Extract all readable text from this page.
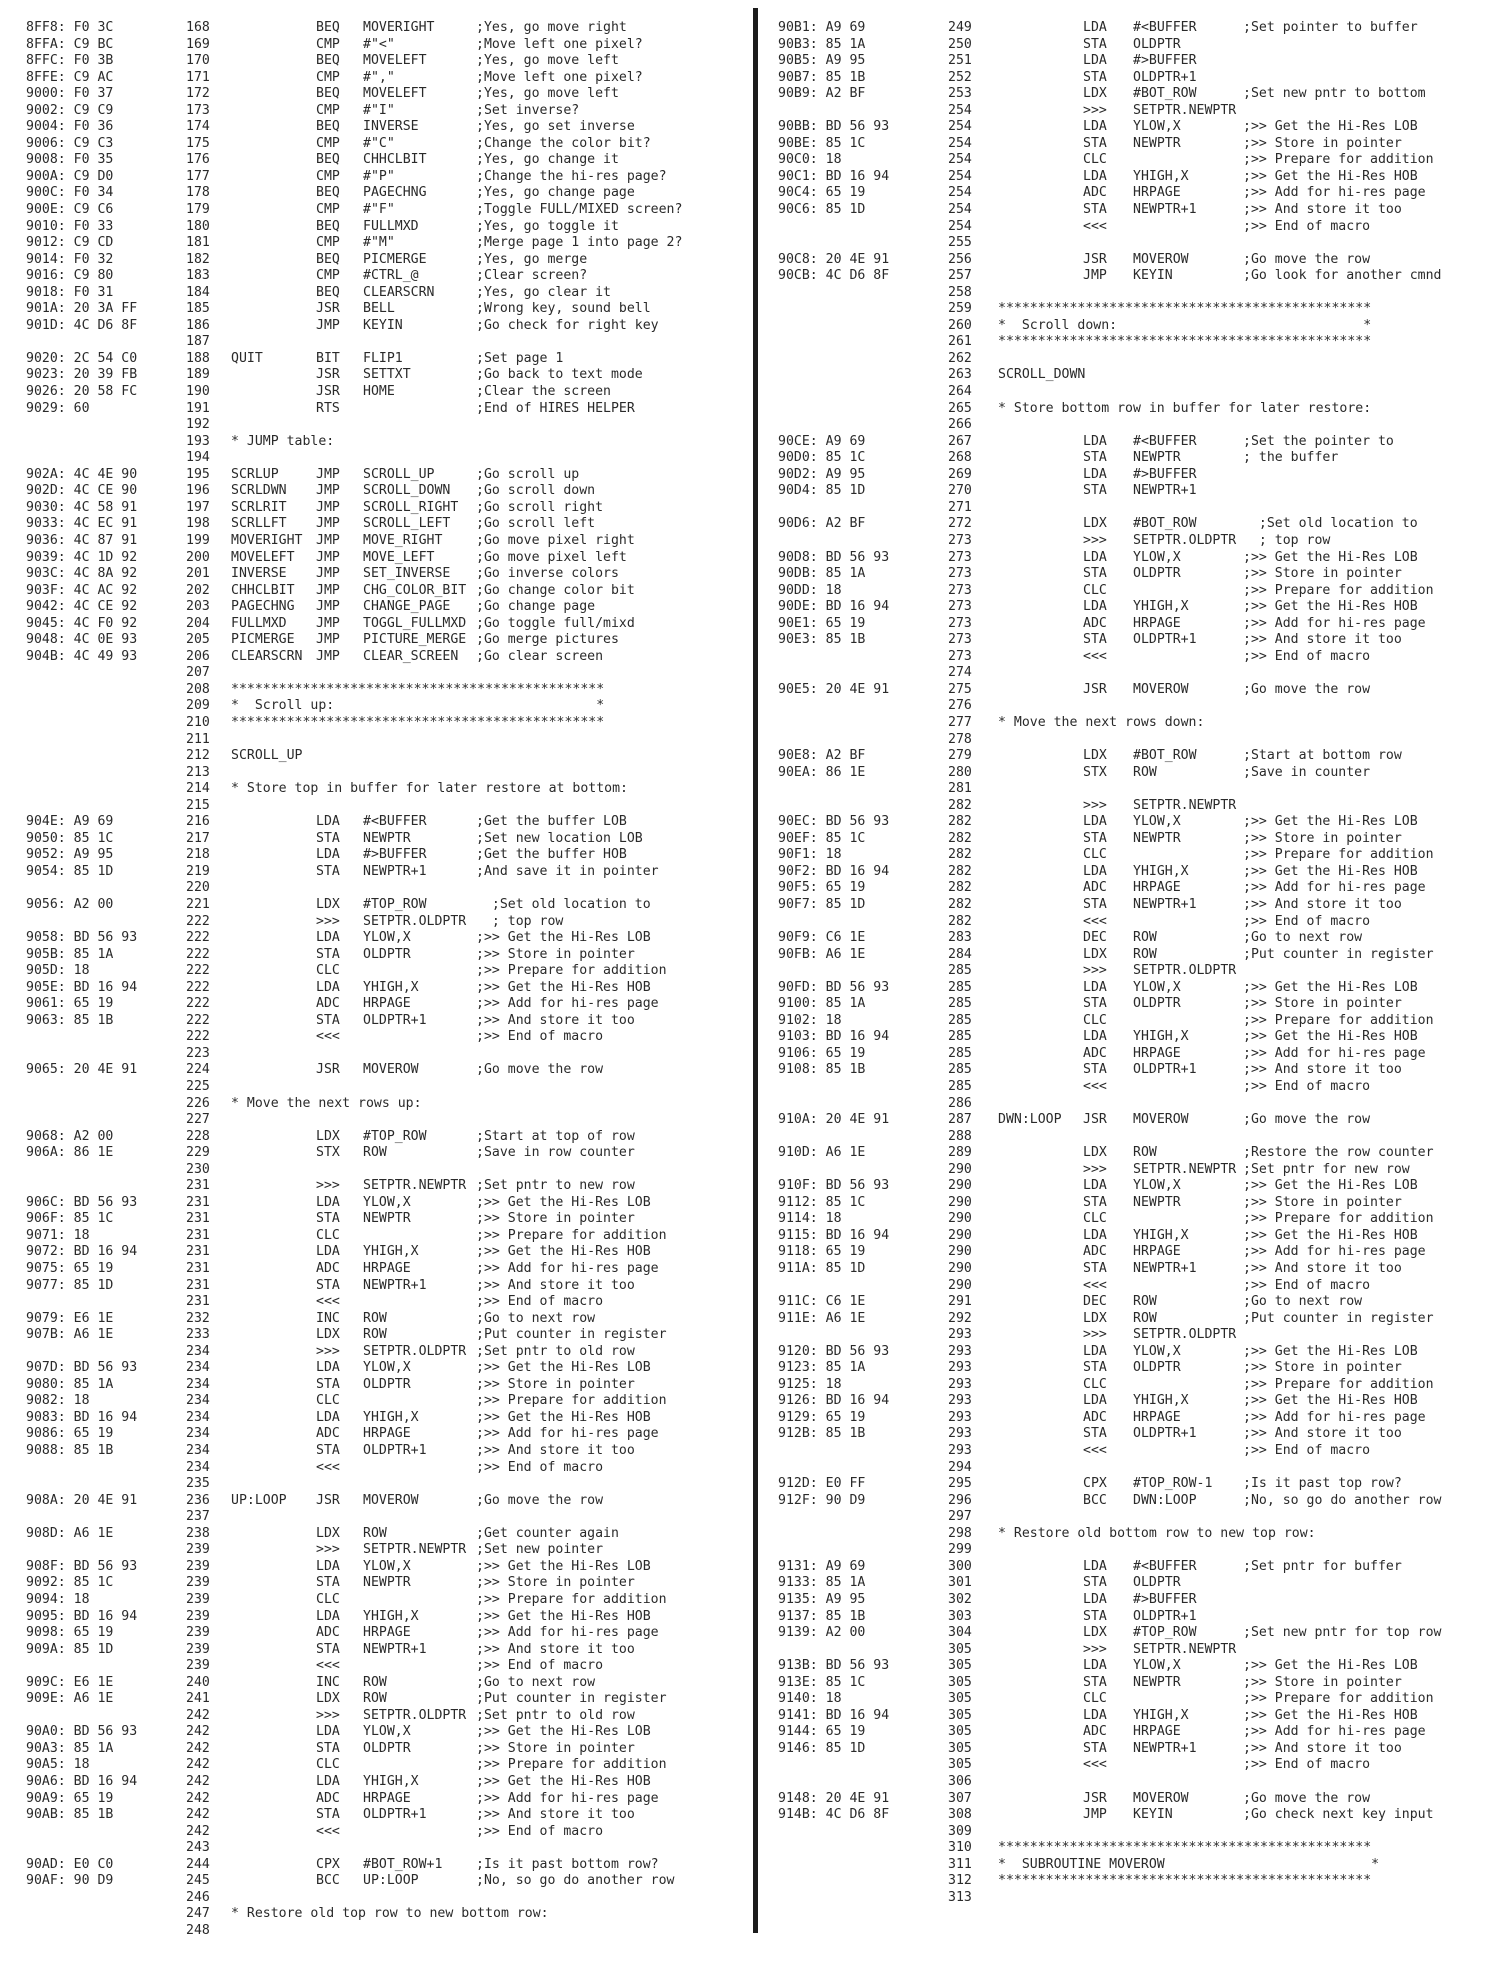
8FF8: F0 3C	168	BEQ MOVERIGHT	;Yes, go move right
8FFA: C9 BC	169	CMP #"<"	;Move left one pixel?
8FFC: F0 3B	170	BEQ MOVELEFT	;Yes, go move left
8FFE: C9 AC	171	CMP #","	;Move left one pixel?
9000: F0 37	172	BEQ MOVELEFT	;Yes, go move left
9002: C9 C9	173	CMP #"I"	;Set inverse?
9004: F0 36	174	BEQ INVERSE	;Yes, go set inverse
9006: C9 C3	175	CMP #"C"	;Change the color bit?
9008: F0 35	176	BEQ CHHCLBIT	;Yes, go change it
900A: C9 D0	177	CMP #"P"	;Change the hi-res page?
900C: F0 34	178	BEQ PAGECHNG	;Yes, go change page
900E: C9 C6	179	CMP #"F"	;Toggle FULL/MIXED screen?
9010: F0 33	180	BEQ FULLMXD	;Yes, go toggle it
9012: C9 CD	181	CMP #"M"	;Merge page 1 into page 2?
9014: F0 32	182	BEQ PICMERGE	;Yes, go merge
9016: C9 80	183	CMP #CTRL_@	;Clear screen?
9018: F0 31	184	BEQ CLEARSCRN	;Yes, go clear it
901A: 20 3A FF	185	JSR BELL	;Wrong key, sound bell
901D: 4C D6 8F	186	JMP KEYIN	;Go check for right key
187
9020: 2C 54 C0	188 QUIT	BIT FLIP1	;Set page 1
9023: 20 39 FB	189	JSR SETTXT	;Go back to text mode
9026: 20 58 FC	190	JSR HOME	;Clear the screen
9029: 60	191	RTS	;End of HIRES HELPER
192
193 * JUMP table:
194
902A: 4C 4E 90	195 SCRLUP	JMP SCROLL_UP	;Go scroll up
902D: 4C CE 90	196 SCRLDWN JMP SCROLL_DOWN ;Go scroll down
9030: 4C 58 91	197 SCRLRIT JMP SCROLL_RIGHT ;Go scroll right
9033: 4C EC 91	198 SCRLLFT JMP SCROLL_LEFT ;Go scroll left
9036: 4C 87 91	199 MOVERIGHT JMP MOVE_RIGHT	;Go move pixel right
9039: 4C 1D 92	200 MOVELEFT JMP MOVE_LEFT	;Go move pixel left
903C: 4C 8A 92	201 INVERSE JMP SET_INVERSE ;Go inverse colors
903F: 4C AC 92	202 CHHCLBIT JMP CHG_COLOR_BIT ;Go change color bit
9042: 4C CE 92	203 PAGECHNG JMP CHANGE_PAGE ;Go change page
9045: 4C F0 92	204 FULLMXD JMP TOGGL_FULLMXD ;Go toggle full/mixd
9048: 4C 0E 93	205 PICMERGE JMP PICTURE_MERGE ;Go merge pictures
904B: 4C 49 93	206 CLEARSCRN JMP CLEAR_SCREEN ;Go clear screen
207
208 ***********************************************
209 *  Scroll up:                                 *
210 ***********************************************
211
212 SCROLL_UP
213
214 * Store top in buffer for later restore at bottom:
215
904E: A9 69	216	LDA #<BUFFER	;Get the buffer LOB
9050: 85 1C	217	STA NEWPTR	;Set new location LOB
9052: A9 95	218	LDA #>BUFFER	;Get the buffer HOB
9054: 85 1D	219	STA NEWPTR+1	;And save it in pointer
220
9056: A2 00	221	LDX #TOP_ROW	;Set old location to
222	>>> SETPTR.OLDPTR ; top row
9058: BD 56 93	222	LDA YLOW,X	;>> Get the Hi-Res LOB
905B: 85 1A	222	STA OLDPTR	;>> Store in pointer
905D: 18	222	CLC	;>> Prepare for addition
905E: BD 16 94	222	LDA YHIGH,X	;>> Get the Hi-Res HOB
9061: 65 19	222	ADC HRPAGE	;>> Add for hi-res page
9063: 85 1B	222	STA OLDPTR+1	;>> And store it too
222	<<<	;>> End of macro
223
9065: 20 4E 91	224	JSR MOVEROW	;Go move the row
225
226 * Move the next rows up:
227
9068: A2 00	228	LDX #TOP_ROW	;Start at top of row
906A: 86 1E	229	STX ROW	;Save in row counter
230
231	>>> SETPTR.NEWPTR ;Set pntr to new row
906C: BD 56 93	231	LDA YLOW,X	;>> Get the Hi-Res LOB
906F: 85 1C	231	STA NEWPTR	;>> Store in pointer
9071: 18	231	CLC	;>> Prepare for addition
9072: BD 16 94	231	LDA YHIGH,X	;>> Get the Hi-Res HOB
9075: 65 19	231	ADC HRPAGE	;>> Add for hi-res page
9077: 85 1D	231	STA NEWPTR+1	;>> And store it too
231	<<<	;>> End of macro
9079: E6 1E	232	INC ROW	;Go to next row
907B: A6 1E	233	LDX ROW	;Put counter in register
234	>>> SETPTR.OLDPTR ;Set pntr to old row
907D: BD 56 93	234	LDA YLOW,X	;>> Get the Hi-Res LOB
9080: 85 1A	234	STA OLDPTR	;>> Store in pointer
9082: 18	234	CLC	;>> Prepare for addition
9083: BD 16 94	234	LDA YHIGH,X	;>> Get the Hi-Res HOB
9086: 65 19	234	ADC HRPAGE	;>> Add for hi-res page
9088: 85 1B	234	STA OLDPTR+1	;>> And store it too
234	<<<	;>> End of macro
235
908A: 20 4E 91	236 UP:LOOP JSR MOVEROW	;Go move the row
237
908D: A6 1E	238	LDX ROW	;Get counter again
239	>>> SETPTR.NEWPTR ;Set new pointer
908F: BD 56 93	239	LDA YLOW,X	;>> Get the Hi-Res LOB
9092: 85 1C	239	STA NEWPTR	;>> Store in pointer
9094: 18	239	CLC	;>> Prepare for addition
9095: BD 16 94	239	LDA YHIGH,X	;>> Get the Hi-Res HOB
9098: 65 19	239	ADC HRPAGE	;>> Add for hi-res page
909A: 85 1D	239	STA NEWPTR+1	;>> And store it too
239	<<<	;>> End of macro
909C: E6 1E	240	INC ROW	;Go to next row
909E: A6 1E	241	LDX ROW	;Put counter in register
242	>>> SETPTR.OLDPTR ;Set pntr to old row
90A0: BD 56 93	242	LDA YLOW,X	;>> Get the Hi-Res LOB
90A3: 85 1A	242	STA OLDPTR	;>> Store in pointer
90A5: 18	242	CLC	;>> Prepare for addition
90A6: BD 16 94	242	LDA YHIGH,X	;>> Get the Hi-Res HOB
90A9: 65 19	242	ADC HRPAGE	;>> Add for hi-res page
90AB: 85 1B	242	STA OLDPTR+1	;>> And store it too
242	<<<	;>> End of macro
243
90AD: E0 C0	244	CPX #BOT_ROW+1	;Is it past bottom row?
90AF: 90 D9	245	BCC UP:LOOP	;No, so go do another row
246
247 * Restore old top row to new bottom row:
248
90B1: A9 69	249	LDA #<BUFFER	;Set pointer to buffer
90B3: 85 1A	250	STA OLDPTR
90B5: A9 95	251	LDA #>BUFFER
90B7: 85 1B	252	STA OLDPTR+1
90B9: A2 BF	253	LDX #BOT_ROW	;Set new pntr to bottom
254	>>> SETPTR.NEWPTR
90BB: BD 56 93	254	LDA YLOW,X	;>> Get the Hi-Res LOB
90BE: 85 1C	254	STA NEWPTR	;>> Store in pointer
90C0: 18	254	CLC	;>> Prepare for addition
90C1: BD 16 94	254	LDA YHIGH,X	;>> Get the Hi-Res HOB
90C4: 65 19	254	ADC HRPAGE	;>> Add for hi-res page
90C6: 85 1D	254	STA NEWPTR+1	;>> And store it too
254	<<<	;>> End of macro
255
90C8: 20 4E 91	256	JSR MOVEROW	;Go move the row
90CB: 4C D6 8F	257	JMP KEYIN	;Go look for another cmnd
258
259 ***********************************************
260 *  Scroll down:                               *
261 ***********************************************
262
263 SCROLL_DOWN
264
265 * Store bottom row in buffer for later restore:
266
90CE: A9 69	267	LDA #<BUFFER	;Set the pointer to
90D0: 85 1C	268	STA NEWPTR	; the buffer
90D2: A9 95	269	LDA #>BUFFER
90D4: 85 1D	270	STA NEWPTR+1
271
90D6: A2 BF	272	LDX #BOT_ROW	;Set old location to
273	>>> SETPTR.OLDPTR ; top row
90D8: BD 56 93	273	LDA YLOW,X	;>> Get the Hi-Res LOB
90DB: 85 1A	273	STA OLDPTR	;>> Store in pointer
90DD: 18	273	CLC	;>> Prepare for addition
90DE: BD 16 94	273	LDA YHIGH,X	;>> Get the Hi-Res HOB
90E1: 65 19	273	ADC HRPAGE	;>> Add for hi-res page
90E3: 85 1B	273	STA OLDPTR+1	;>> And store it too
273	<<<	;>> End of macro
274
90E5: 20 4E 91	275	JSR MOVEROW	;Go move the row
276
277 * Move the next rows down:
278
90E8: A2 BF	279	LDX #BOT_ROW	;Start at bottom row
90EA: 86 1E	280	STX ROW	;Save in counter
281
282	>>> SETPTR.NEWPTR
90EC: BD 56 93	282	LDA YLOW,X	;>> Get the Hi-Res LOB
90EF: 85 1C	282	STA NEWPTR	;>> Store in pointer
90F1: 18	282	CLC	;>> Prepare for addition
90F2: BD 16 94	282	LDA YHIGH,X	;>> Get the Hi-Res HOB
90F5: 65 19	282	ADC HRPAGE	;>> Add for hi-res page
90F7: 85 1D	282	STA NEWPTR+1	;>> And store it too
282	<<<	;>> End of macro
90F9: C6 1E	283	DEC ROW	;Go to next row
90FB: A6 1E	284	LDX ROW	;Put counter in register
285	>>> SETPTR.OLDPTR
90FD: BD 56 93	285	LDA YLOW,X	;>> Get the Hi-Res LOB
9100: 85 1A	285	STA OLDPTR	;>> Store in pointer
9102: 18	285	CLC	;>> Prepare for addition
9103: BD 16 94	285	LDA YHIGH,X	;>> Get the Hi-Res HOB
9106: 65 19	285	ADC HRPAGE	;>> Add for hi-res page
9108: 85 1B	285	STA OLDPTR+1	;>> And store it too
285	<<<	;>> End of macro
286
910A: 20 4E 91	287 DWN:LOOP JSR MOVEROW	;Go move the row
288
910D: A6 1E	289	LDX ROW	;Restore the row counter
290	>>> SETPTR.NEWPTR ;Set pntr for new row
910F: BD 56 93	290	LDA YLOW,X	;>> Get the Hi-Res LOB
9112: 85 1C	290	STA NEWPTR	;>> Store in pointer
9114: 18	290	CLC	;>> Prepare for addition
9115: BD 16 94	290	LDA YHIGH,X	;>> Get the Hi-Res HOB
9118: 65 19	290	ADC HRPAGE	;>> Add for hi-res page
911A: 85 1D	290	STA NEWPTR+1	;>> And store it too
290	<<<	;>> End of macro
911C: C6 1E	291	DEC ROW	;Go to next row
911E: A6 1E	292	LDX ROW	;Put counter in register
293	>>> SETPTR.OLDPTR
9120: BD 56 93	293	LDA YLOW,X	;>> Get the Hi-Res LOB
9123: 85 1A	293	STA OLDPTR	;>> Store in pointer
9125: 18	293	CLC	;>> Prepare for addition
9126: BD 16 94	293	LDA YHIGH,X	;>> Get the Hi-Res HOB
9129: 65 19	293	ADC HRPAGE	;>> Add for hi-res page
912B: 85 1B	293	STA OLDPTR+1	;>> And store it too
293	<<<	;>> End of macro
294
912D: E0 FF	295	CPX #TOP_ROW-1 ;Is it past top row?
912F: 90 D9	296	BCC DWN:LOOP	;No, so go do another row
297
298 * Restore old bottom row to new top row:
299
9131: A9 69	300	LDA #<BUFFER	;Set pntr for buffer
9133: 85 1A	301	STA OLDPTR
9135: A9 95	302	LDA #>BUFFER
9137: 85 1B	303	STA OLDPTR+1
9139: A2 00	304	LDX #TOP_ROW	;Set new pntr for top row
305	>>> SETPTR.NEWPTR
913B: BD 56 93	305	LDA YLOW,X	;>> Get the Hi-Res LOB
913E: 85 1C	305	STA NEWPTR	;>> Store in pointer
9140: 18	305	CLC	;>> Prepare for addition
9141: BD 16 94	305	LDA YHIGH,X	;>> Get the Hi-Res HOB
9144: 65 19	305	ADC HRPAGE	;>> Add for hi-res page
9146: 85 1D	305	STA NEWPTR+1	;>> And store it too
305	<<<	;>> End of macro
306
9148: 20 4E 91	307	JSR MOVEROW	;Go move the row
914B: 4C D6 8F	308	JMP KEYIN	;Go check next key input
309
310 ***********************************************
311 *  SUBROUTINE MOVEROW                          *
312 ***********************************************
313
